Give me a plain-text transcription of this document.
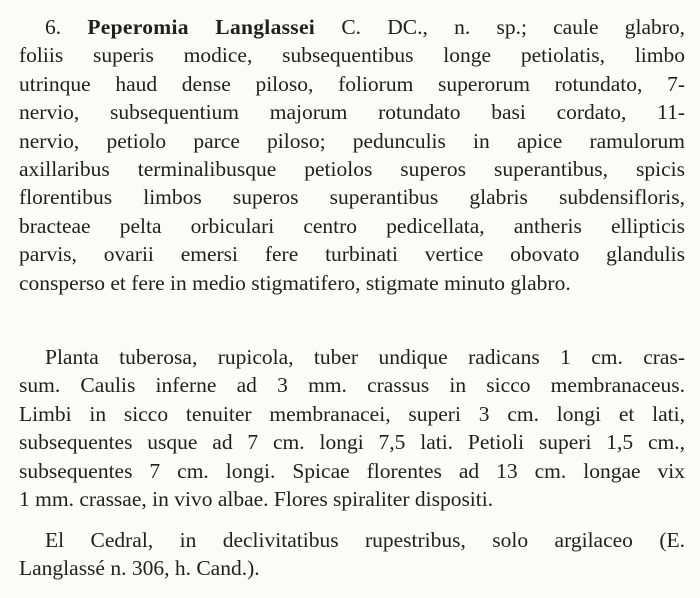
6. Peperomia Langlassei C. DC., n. sp.; caule glabro,
foliis superis modice, subsequentibus longe petiolatis, limbo
utrinque haud dense piloso, foliorum superorum rotundato, 7-
nervio, subsequentium majorum rotundato basi cordato, 11-
nervio, petiolo parce piloso; pedunculis in apice ramulorum
axillaribus terminalibusque petiolos superos superantibus, spicis
florentibus limbos superos superantibus glabris subdensifloris,
bracteae pelta orbiculari centro pedicellata, antheris ellipticis
parvis, ovarii emersi fere turbinati vertice obovato glandulis
consperso et fere in medio stigmatifero, stigmate minuto glabro.
Planta tuberosa, rupicola, tuber undique radicans 1 cm. cras-
sum. Caulis inferne ad 3 mm. crassus in sicco membranaceus.
Limbi in sicco tenuiter membranacei, superi 3 cm. longi et lati,
subsequentes usque ad 7 cm. longi 7,5 lati. Petioli superi 1,5 cm.,
subsequentes 7 cm. longi. Spicae florentes ad 13 cm. longae vix
1 mm. crassae, in vivo albae. Flores spiraliter dispositi.
El Cedral, in declivitatibus rupestribus, solo argilaceo (E.
Langlassé n. 306, h. Cand.).
